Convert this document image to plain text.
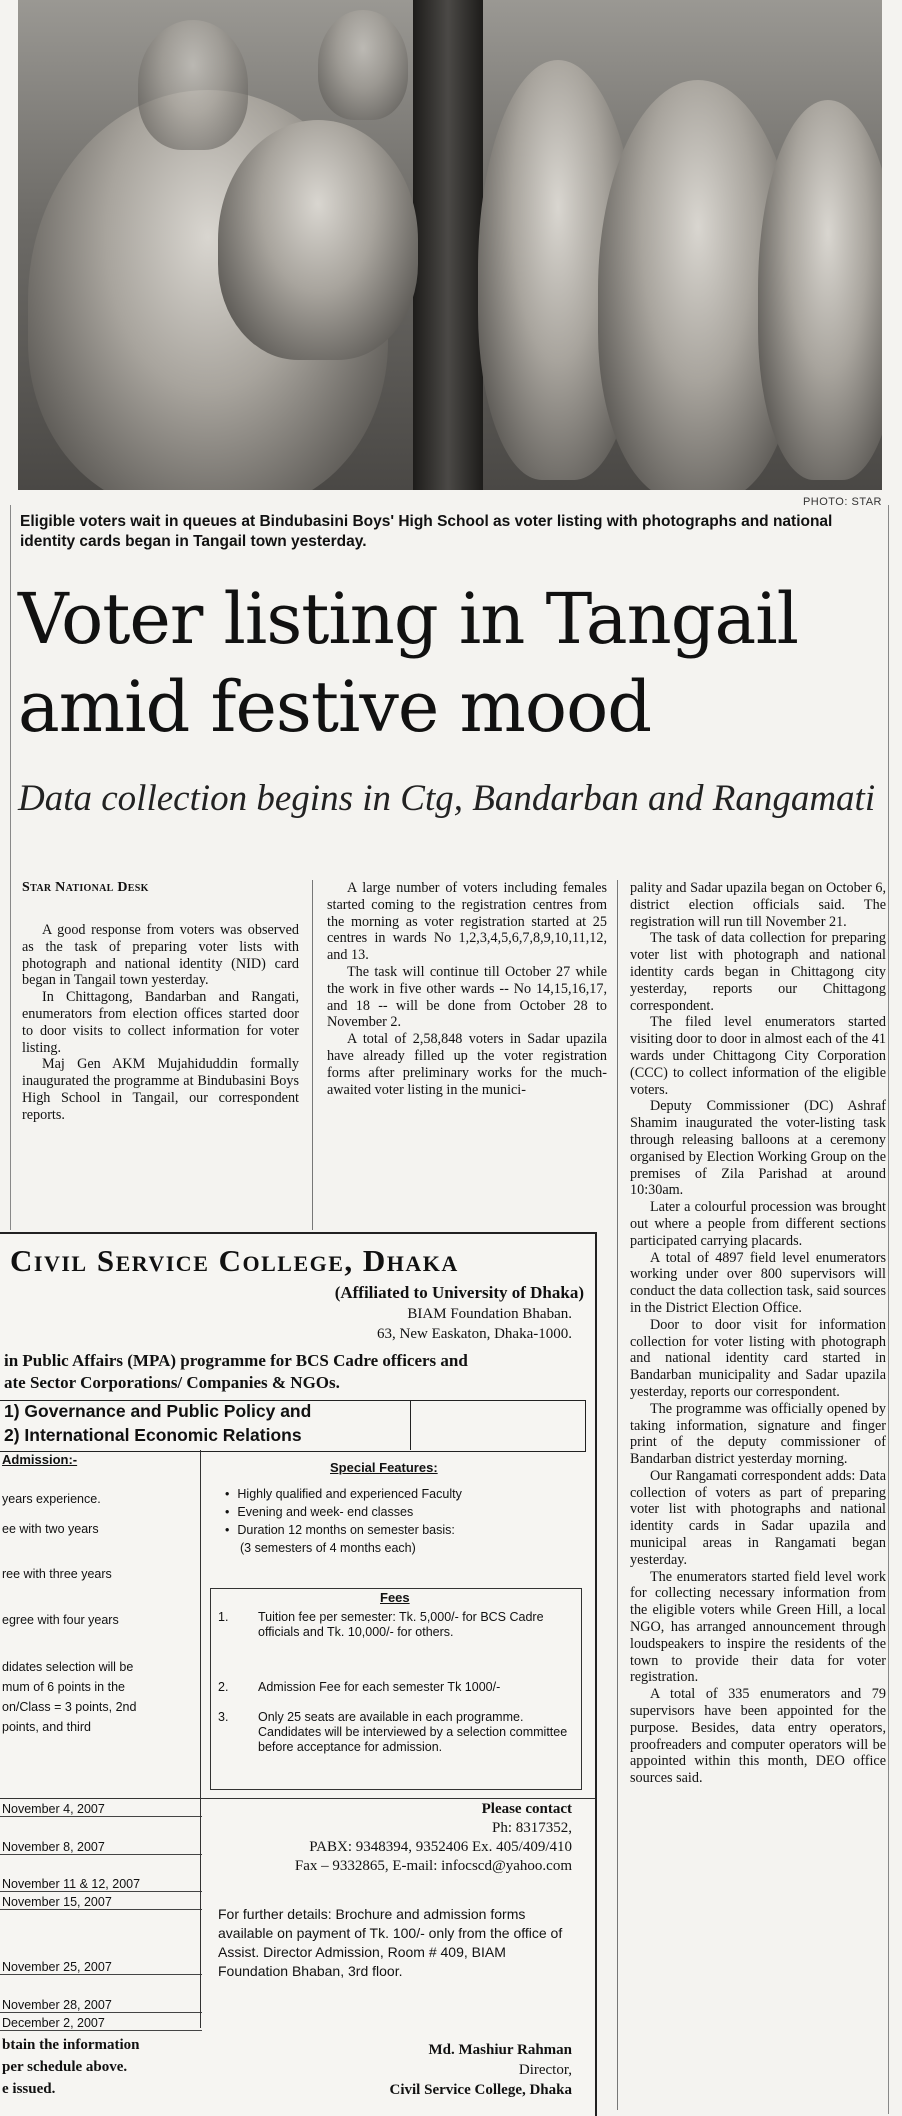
PHOTO: STAR
Eligible voters wait in queues at Bindubasini Boys' High School as voter listing with photographs and national identity cards began in Tangail town yesterday.
Voter listing in Tangail amid festive mood
Data collection begins in Ctg, Bandarban and Rangamati
Star National Desk

A good response from voters was observed as the task of preparing voter lists with photograph and national identity (NID) card began in Tangail town yesterday.

In Chittagong, Bandarban and Rangati, enumerators from election offices started door to door visits to collect information for voter listing.

Maj Gen AKM Mujahiduddin formally inaugurated the programme at Bindubasini Boys High School in Tangail, our correspondent reports.

A large number of voters including females started coming to the registration centres from the morning as voter registration started at 25 centres in wards No 1,2,3,4,5,6,7,8,9,10,11,12, and 13.

The task will continue till October 27 while the work in five other wards -- No 14,15,16,17, and 18 -- will be done from October 28 to November 2.

A total of 2,58,848 voters in Sadar upazila have already filled up the voter registration forms after preliminary works for the much-awaited voter listing in the munici-

pality and Sadar upazila began on October 6, district election officials said. The registration will run till November 21.

The task of data collection for preparing voter list with photograph and national identity cards began in Chittagong city yesterday, reports our Chittagong correspondent.

The filed level enumerators started visiting door to door in almost each of the 41 wards under Chittagong City Corporation (CCC) to collect information of the eligible voters.

Deputy Commissioner (DC) Ashraf Shamim inaugurated the voter-listing task through releasing balloons at a ceremony organised by Election Working Group on the premises of Zila Parishad at around 10:30am.

Later a colourful procession was brought out where a people from different sections participated carrying placards.

A total of 4897 field level enumerators working under over 800 supervisors will conduct the data collection task, said sources in the District Election Office.

Door to door visit for information collection for voter listing with photograph and national identity card started in Bandarban municipality and Sadar upazila yesterday, reports our correspondent.

The programme was officially opened by taking information, signature and finger print of the deputy commissioner of Bandarban district yesterday morning.

Our Rangamati correspondent adds: Data collection of voters as part of preparing voter list with photographs and national identity cards in Sadar upazila and municipal areas in Rangamati began yesterday.

The enumerators started field level work for collecting necessary information from the eligible voters while Green Hill, a local NGO, has arranged announcement through loudspeakers to inspire the residents of the town to provide their data for voter registration.

A total of 335 enumerators and 79 supervisors have been appointed for the purpose. Besides, data entry operators, proofreaders and computer operators will be appointed within this month, DEO office sources said.

Civil Service College, Dhaka
(Affiliated to University of Dhaka)
BIAM Foundation Bhaban.
63, New Easkaton, Dhaka-1000.
in Public Affairs (MPA) programme for BCS Cadre officers and
ate Sector Corporations/ Companies & NGOs.
1) Governance and Public Policy and
2) International Economic Relations
Admission:-
years experience.
ee with two years
ree with three years
egree with four years
didates selection will be
mum of 6 points in the
on/Class = 3 points, 2nd
points, and third
Special Features:
• Highly qualified and experienced Faculty
• Evening and week- end classes
• Duration 12 months on semester basis:
(3 semesters of 4 months each)
Fees
1. Tuition fee per semester: Tk. 5,000/- for BCS Cadre officials and Tk. 10,000/- for others.
2. Admission Fee for each semester Tk 1000/-
3. Only 25 seats are available in each programme. Candidates will be interviewed by a selection committee before acceptance for admission.
November 4, 2007
November 8, 2007
November 11 & 12, 2007
November 15, 2007
November 25, 2007
November 28, 2007
December 2, 2007
btain the information
per schedule above.
e issued.
Please contact
Ph: 8317352,
PABX: 9348394, 9352406 Ex. 405/409/410
Fax – 9332865, E-mail: infocscd@yahoo.com
For further details: Brochure and admission forms available on payment of Tk. 100/- only from the office of Assist. Director Admission, Room # 409, BIAM Foundation Bhaban, 3rd floor.
Md. Mashiur Rahman
Director,
Civil Service College, Dhaka
